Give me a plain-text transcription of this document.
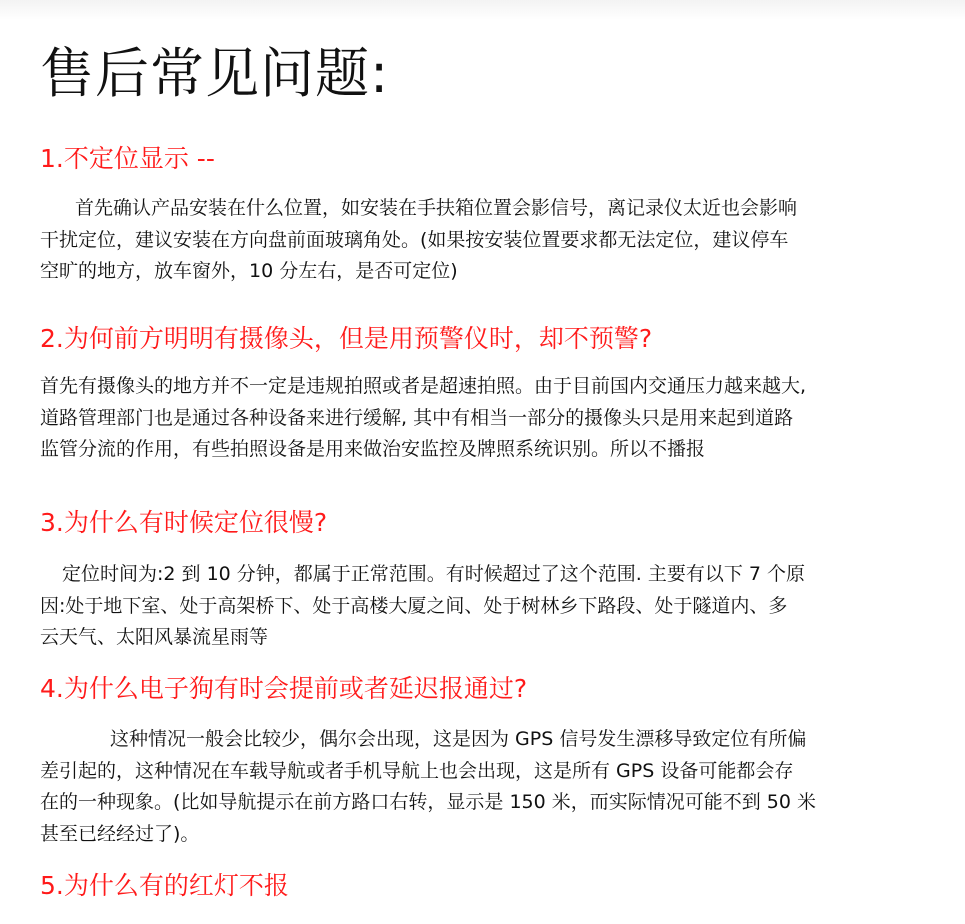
售后常见问题:
1.不定位显示 --
首先确认产品安装在什么位置，如安装在手扶箱位置会影信号，离记录仪太近也会影响
干扰定位，建议安装在方向盘前面玻璃角处。(如果按安装位置要求都无法定位，建议停车
空旷的地方，放车窗外，10 分左右，是否可定位)
2.为何前方明明有摄像头，但是用预警仪时，却不预警?
首先有摄像头的地方并不一定是违规拍照或者是超速拍照。由于目前国内交通压力越来越大,
道路管理部门也是通过各种设备来进行缓解, 其中有相当一部分的摄像头只是用来起到道路
监管分流的作用，有些拍照设备是用来做治安监控及牌照系统识别。所以不播报
3.为什么有时候定位很慢?
定位时间为:2 到 10 分钟，都属于正常范围。有时候超过了这个范围. 主要有以下 7 个原
因:处于地下室、处于高架桥下、处于高楼大厦之间、处于树林乡下路段、处于隧道内、多
云天气、太阳风暴流星雨等
4.为什么电子狗有时会提前或者延迟报通过?
这种情况一般会比较少，偶尔会出现，这是因为 GPS 信号发生漂移导致定位有所偏
差引起的，这种情况在车载导航或者手机导航上也会出现，这是所有 GPS 设备可能都会存
在的一种现象。(比如导航提示在前方路口右转，显示是 150 米，而实际情况可能不到 50 米
甚至已经经过了)。
5.为什么有的红灯不报
